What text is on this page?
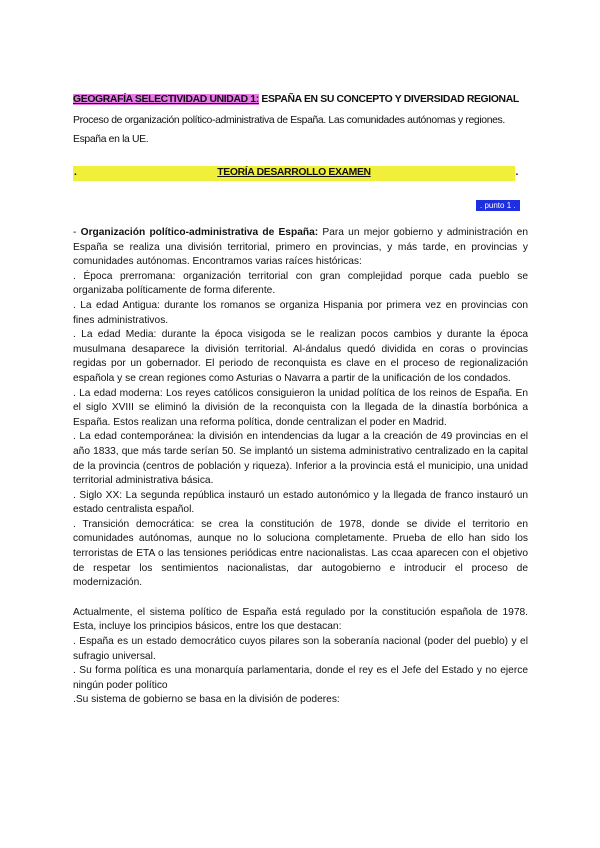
GEOGRAFÍA SELECTIVIDAD UNIDAD 1: ESPAÑA EN SU CONCEPTO Y DIVERSIDAD REGIONAL
Proceso de organización político-administrativa de España. Las comunidades autónomas y regiones. España en la UE.
.	TEORÍA DESARROLLO EXAMEN	.
. punto 1 .

- Organización político-administrativa de España: Para un mejor gobierno y administración en España se realiza una división territorial, primero en provincias, y más tarde, en provincias y comunidades autónomas. Encontramos varias raíces históricas:

. Época prerromana: organización territorial con gran complejidad porque cada pueblo se organizaba políticamente de forma diferente.

. La edad Antigua: durante los romanos se organiza Hispania por primera vez en provincias con fines administrativos.

. La edad Media: durante la época visigoda se le realizan pocos cambios y durante la época musulmana desaparece la división territorial. Al-ándalus quedó dividida en coras o provincias regidas por un gobernador. El periodo de reconquista es clave en el proceso de regionalización española y se crean regiones como Asturias o Navarra a partir de la unificación de los condados.

. La edad moderna: Los reyes católicos consiguieron la unidad política de los reinos de España. En el siglo XVIII se eliminó la división de la reconquista con la llegada de la dinastía borbónica a España. Estos realizan una reforma política, donde centralizan el poder en Madrid.

. La edad contemporánea: la división en intendencias da lugar a la creación de 49 provincias en el año 1833, que más tarde serían 50. Se implantó un sistema administrativo centralizado en la capital de la provincia (centros de población y riqueza). Inferior a la provincia está el municipio, una unidad territorial administrativa básica.

. Siglo XX: La segunda república instauró un estado autonómico y la llegada de franco instauró un estado centralista español.

. Transición democrática: se crea la constitución de 1978, donde se divide el territorio en comunidades autónomas, aunque no lo soluciona completamente. Prueba de ello han sido los terroristas de ETA o las tensiones periódicas entre nacionalistas. Las ccaa aparecen con el objetivo de respetar los sentimientos nacionalistas, dar autogobierno e introducir el proceso de modernización.

Actualmente, el sistema político de España está regulado por la constitución española de 1978. Esta, incluye los principios básicos, entre los que destacan:

. España es un estado democrático cuyos pilares son la soberanía nacional (poder del pueblo) y el sufragio universal.

. Su forma política es una monarquía parlamentaria, donde el rey es el Jefe del Estado y no ejerce ningún poder político

.Su sistema de gobierno se basa en la división de poderes:
